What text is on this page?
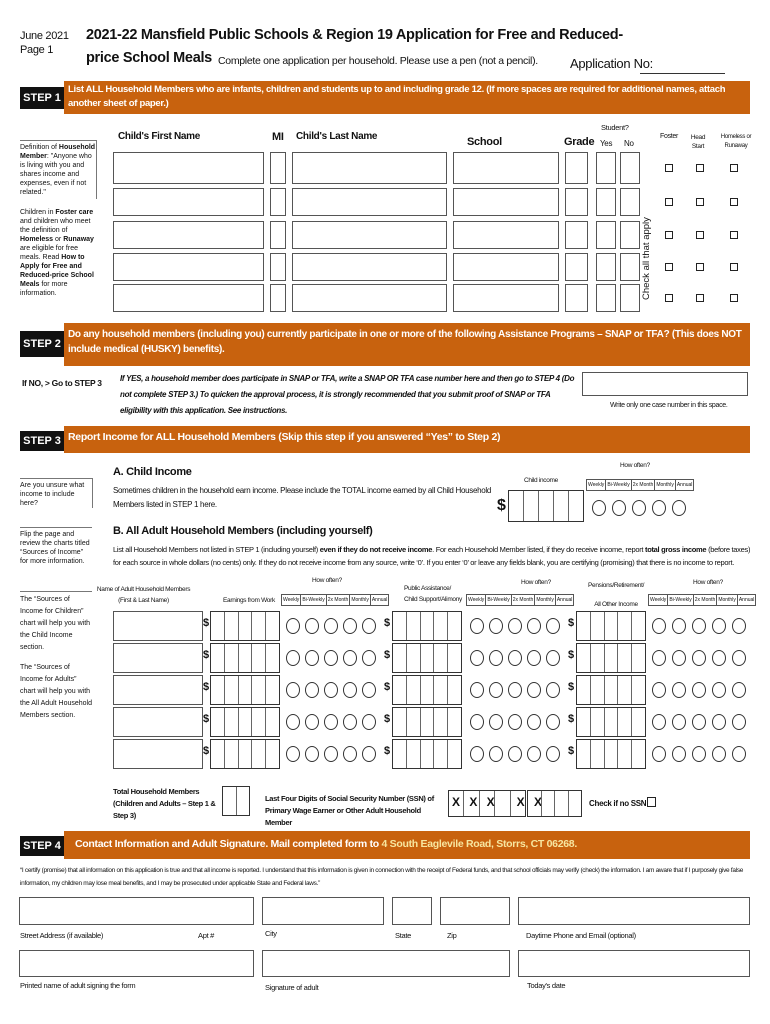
June 2021
Page 1
2021-22 Mansfield Public Schools & Region 19 Application for Free and Reduced-
price School Meals Complete one application per household. Please use a pen (not a pencil). Application No:
List ALL Household Members who are infants, children and students up to and including grade 12. (If more spaces are required for additional names, attach another sheet of paper.)
STEP 1
Definition of Household Member: "Anyone who is living with you and shares income and expenses, even if not related."
Children in Foster care and children who meet the definition of Homeless or Runaway are eligible for free meals. Read How to Apply for Free and Reduced-price School Meals for more information.
Child's First Name	MI Child's Last Name	School	Grade
Student?
Yes No
Foster	Head Start
Homeless or Runaway
Check all that apply
Do any household members (including you) currently participate in one or more of the following Assistance Programs – SNAP or TFA? (This does NOT include medical (HUSKY) benefits).
STEP 2
If NO, > Go to STEP 3 If YES, a household member does participate in SNAP or TFA, write a SNAP OR TFA case number here and then go to STEP 4 (Do not complete STEP 3.) To quicken the approval process, it is strongly recommended that you submit proof of SNAP or TFA eligibility with this application. See instructions.
Write only one case number in this space.
Report Income for ALL Household Members (Skip this step if you answered “Yes” to Step 2)
STEP 3
Are you unsure what income to include here?
Flip the page and review the charts titled “Sources of Income” for more information.
The “Sources of Income for Children” chart will help you with the Child Income section.
The “Sources of Income for Adults” chart will help you with the All Adult Household Members section.
A. Child Income
Sometimes children in the household earn income. Please include the TOTAL income earned by all Child Household Members listed in STEP 1 here.
Child income
How often?
$
Weekly Bi-Weekly 2x Month Monthly Annual
B. All Adult Household Members (including yourself)
List all Household Members not listed in STEP 1 (including yourself) even if they do not receive income. For each Household Member listed, if they do receive income, report total gross income (before taxes) for each source in whole dollars (no cents) only. If they do not receive income from any source, write ‘0’. If you enter ‘0’ or leave any fields blank, you are certifying (promising) that there is no income to report.
Name of Adult Household Members (First & Last Name)	Earnings from Work
How often?
Public Assistance/ Child Support/Alimony
How often?	Pensions/Retirement/ All Other Income
How often?
Weekly Bi-Weekly 2x Month Monthly Annual	Weekly Bi-Weekly 2x Month Monthly Annual	Weekly Bi-Weekly 2x Month Monthly Annual
$	$	$
$	$	$
$	$	$
$	$	$
$	$	$
Total Household Members (Children and Adults – Step 1 & Step 3)
Last Four Digits of Social Security Number (SSN) of Primary Wage Earner or Other Adult Household Member
X X X   X X	Check if no SSN
Contact Information and Adult Signature. Mail completed form to 4 South Eaglevile Road, Storrs, CT 06268.
STEP 4
“I certify (promise) that all information on this application is true and that all income is reported. I understand that this information is given in connection with the receipt of Federal funds, and that school officials may verify (check) the information. I am aware that if I purposely give false information, my children may lose meal benefits, and I may be prosecuted under applicable State and Federal laws.”
Street Address (if available)	Apt #	City	State	Zip	Daytime Phone and Email (optional)
Printed name of adult signing the form	Signature of adult	Today's date
